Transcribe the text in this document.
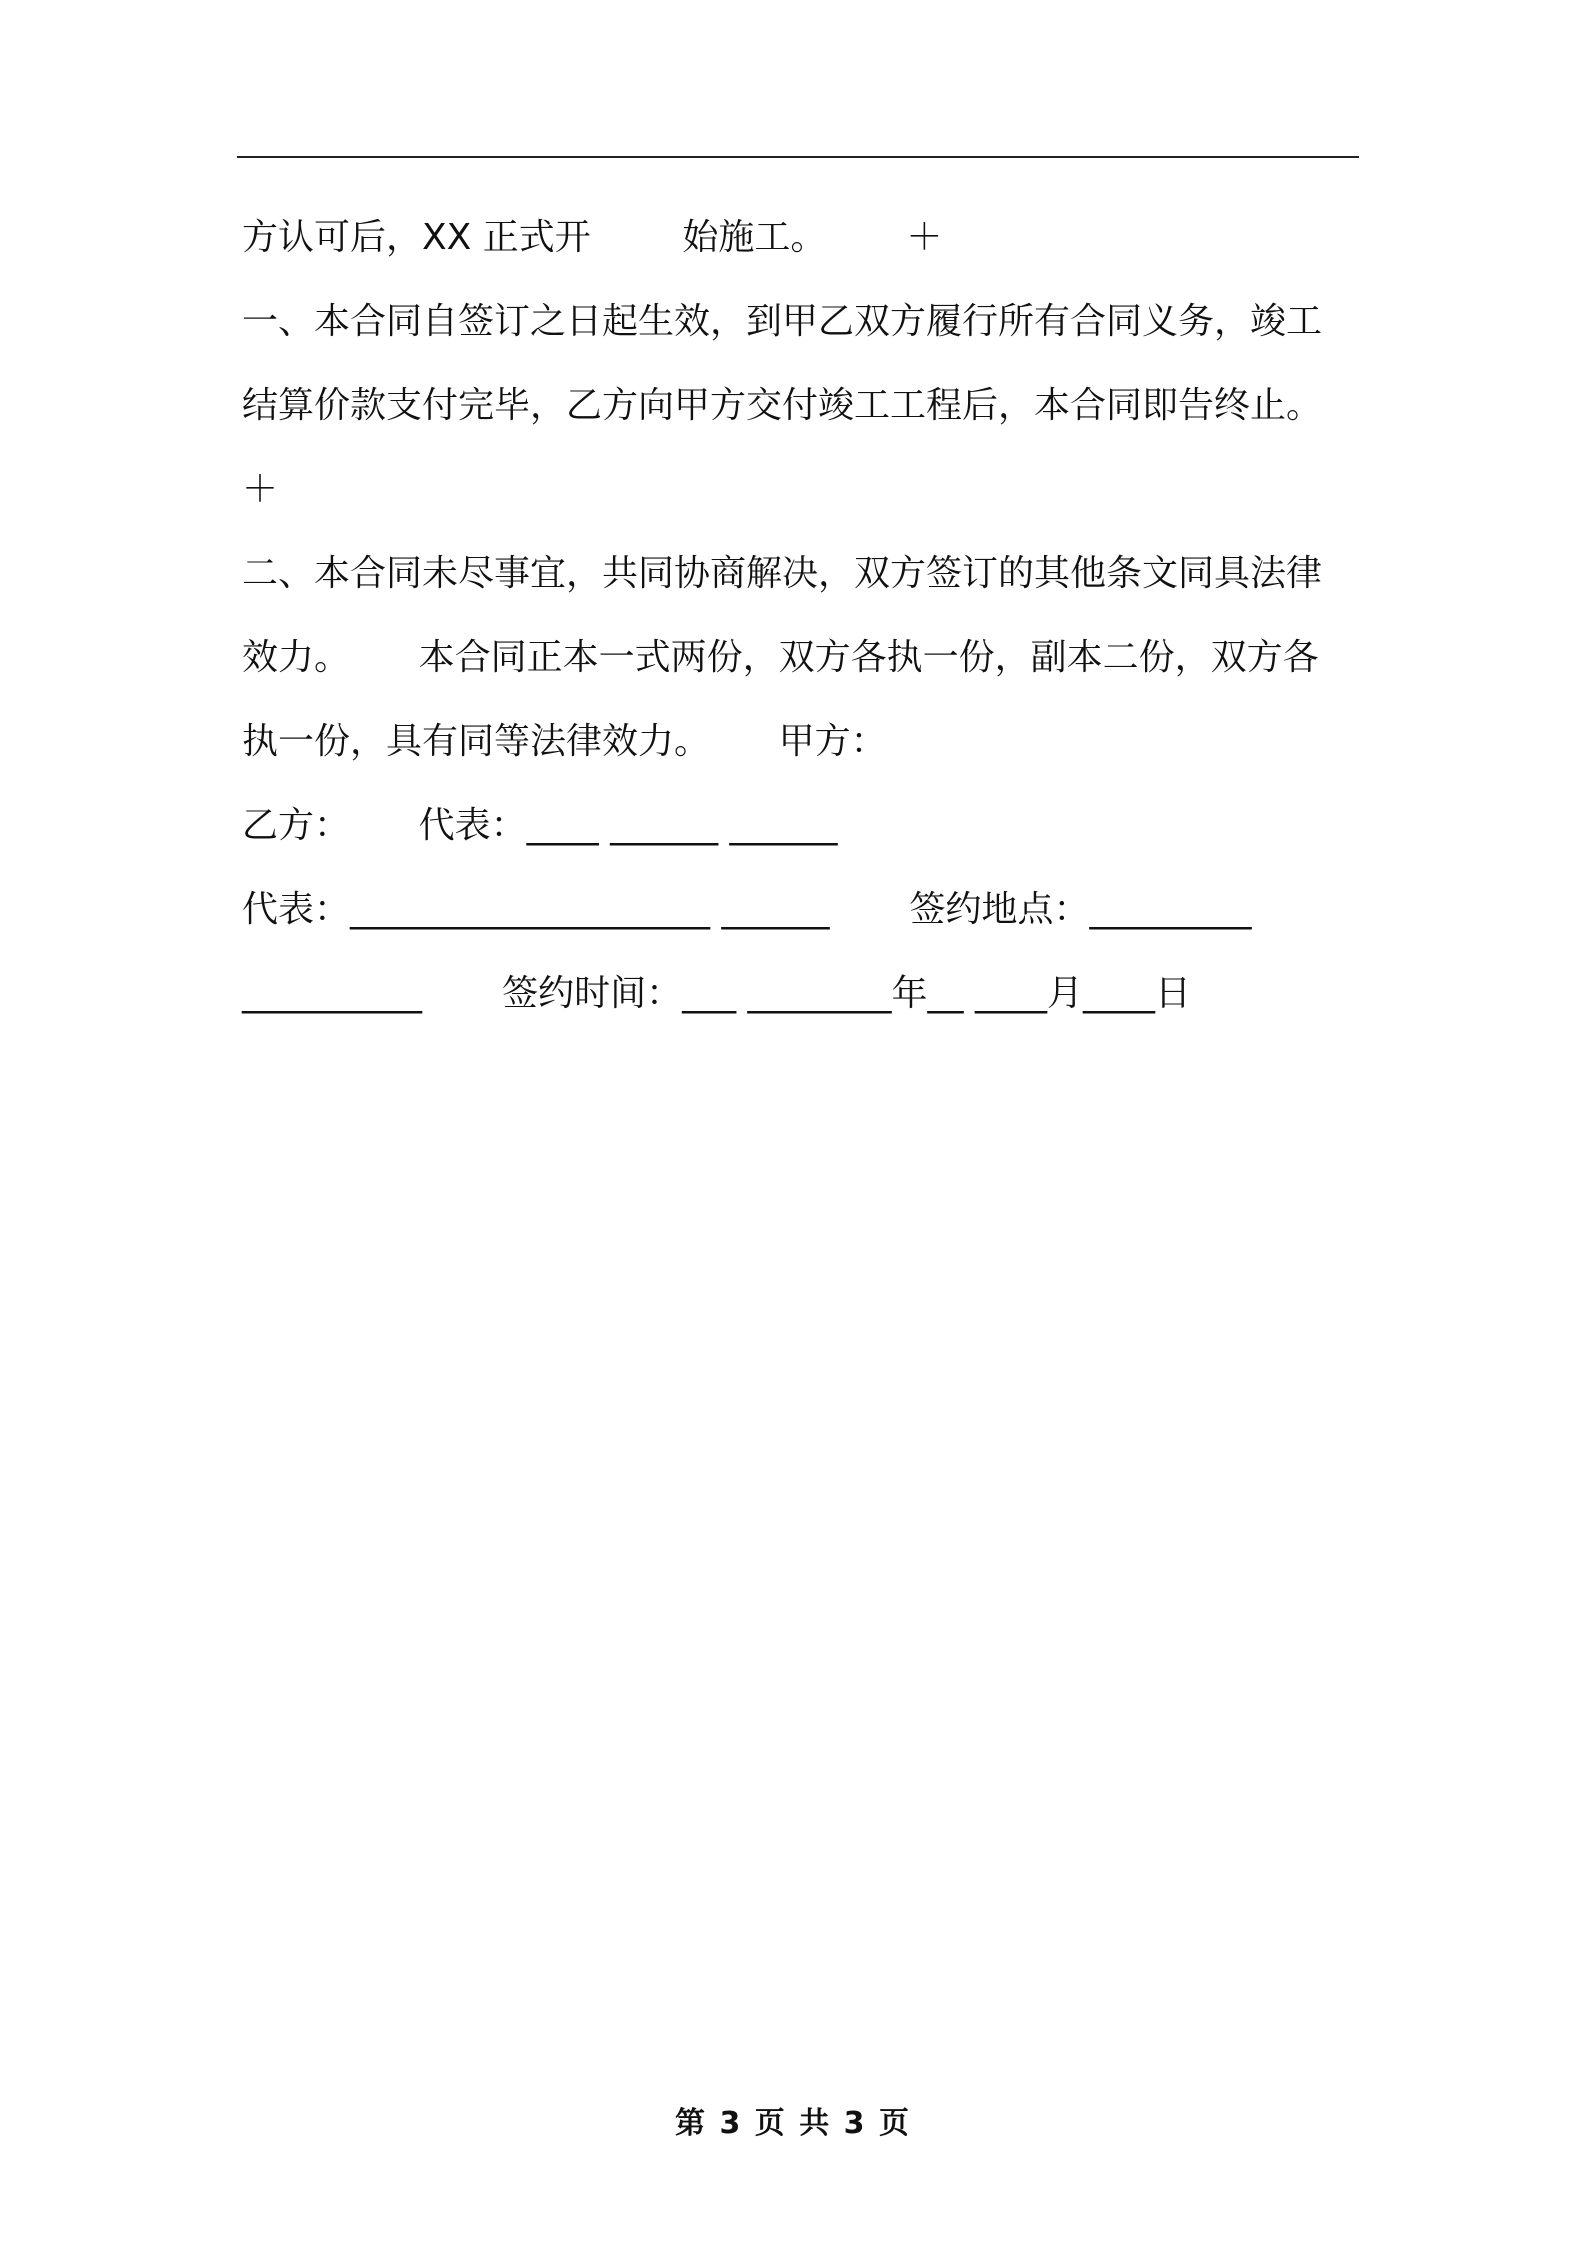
方认可后，XX 正式开        始施工。       ＋
一、本合同自签订之日起生效，到甲乙双方履行所有合同义务，竣工
结算价款支付完毕，乙方向甲方交付竣工工程后，本合同即告终止。
＋
二、本合同未尽事宜，共同协商解决，双方签订的其他条文同具法律
效力。      本合同正本一式两份，双方各执一份，副本二份，双方各
执一份，具有同等法律效力。      甲方：
乙方：      代表：____ ______ ______
代表：____________________ ______       签约地点：_________
__________       签约时间：___ ________年__ ____月____日
第 3 页 共 3 页
